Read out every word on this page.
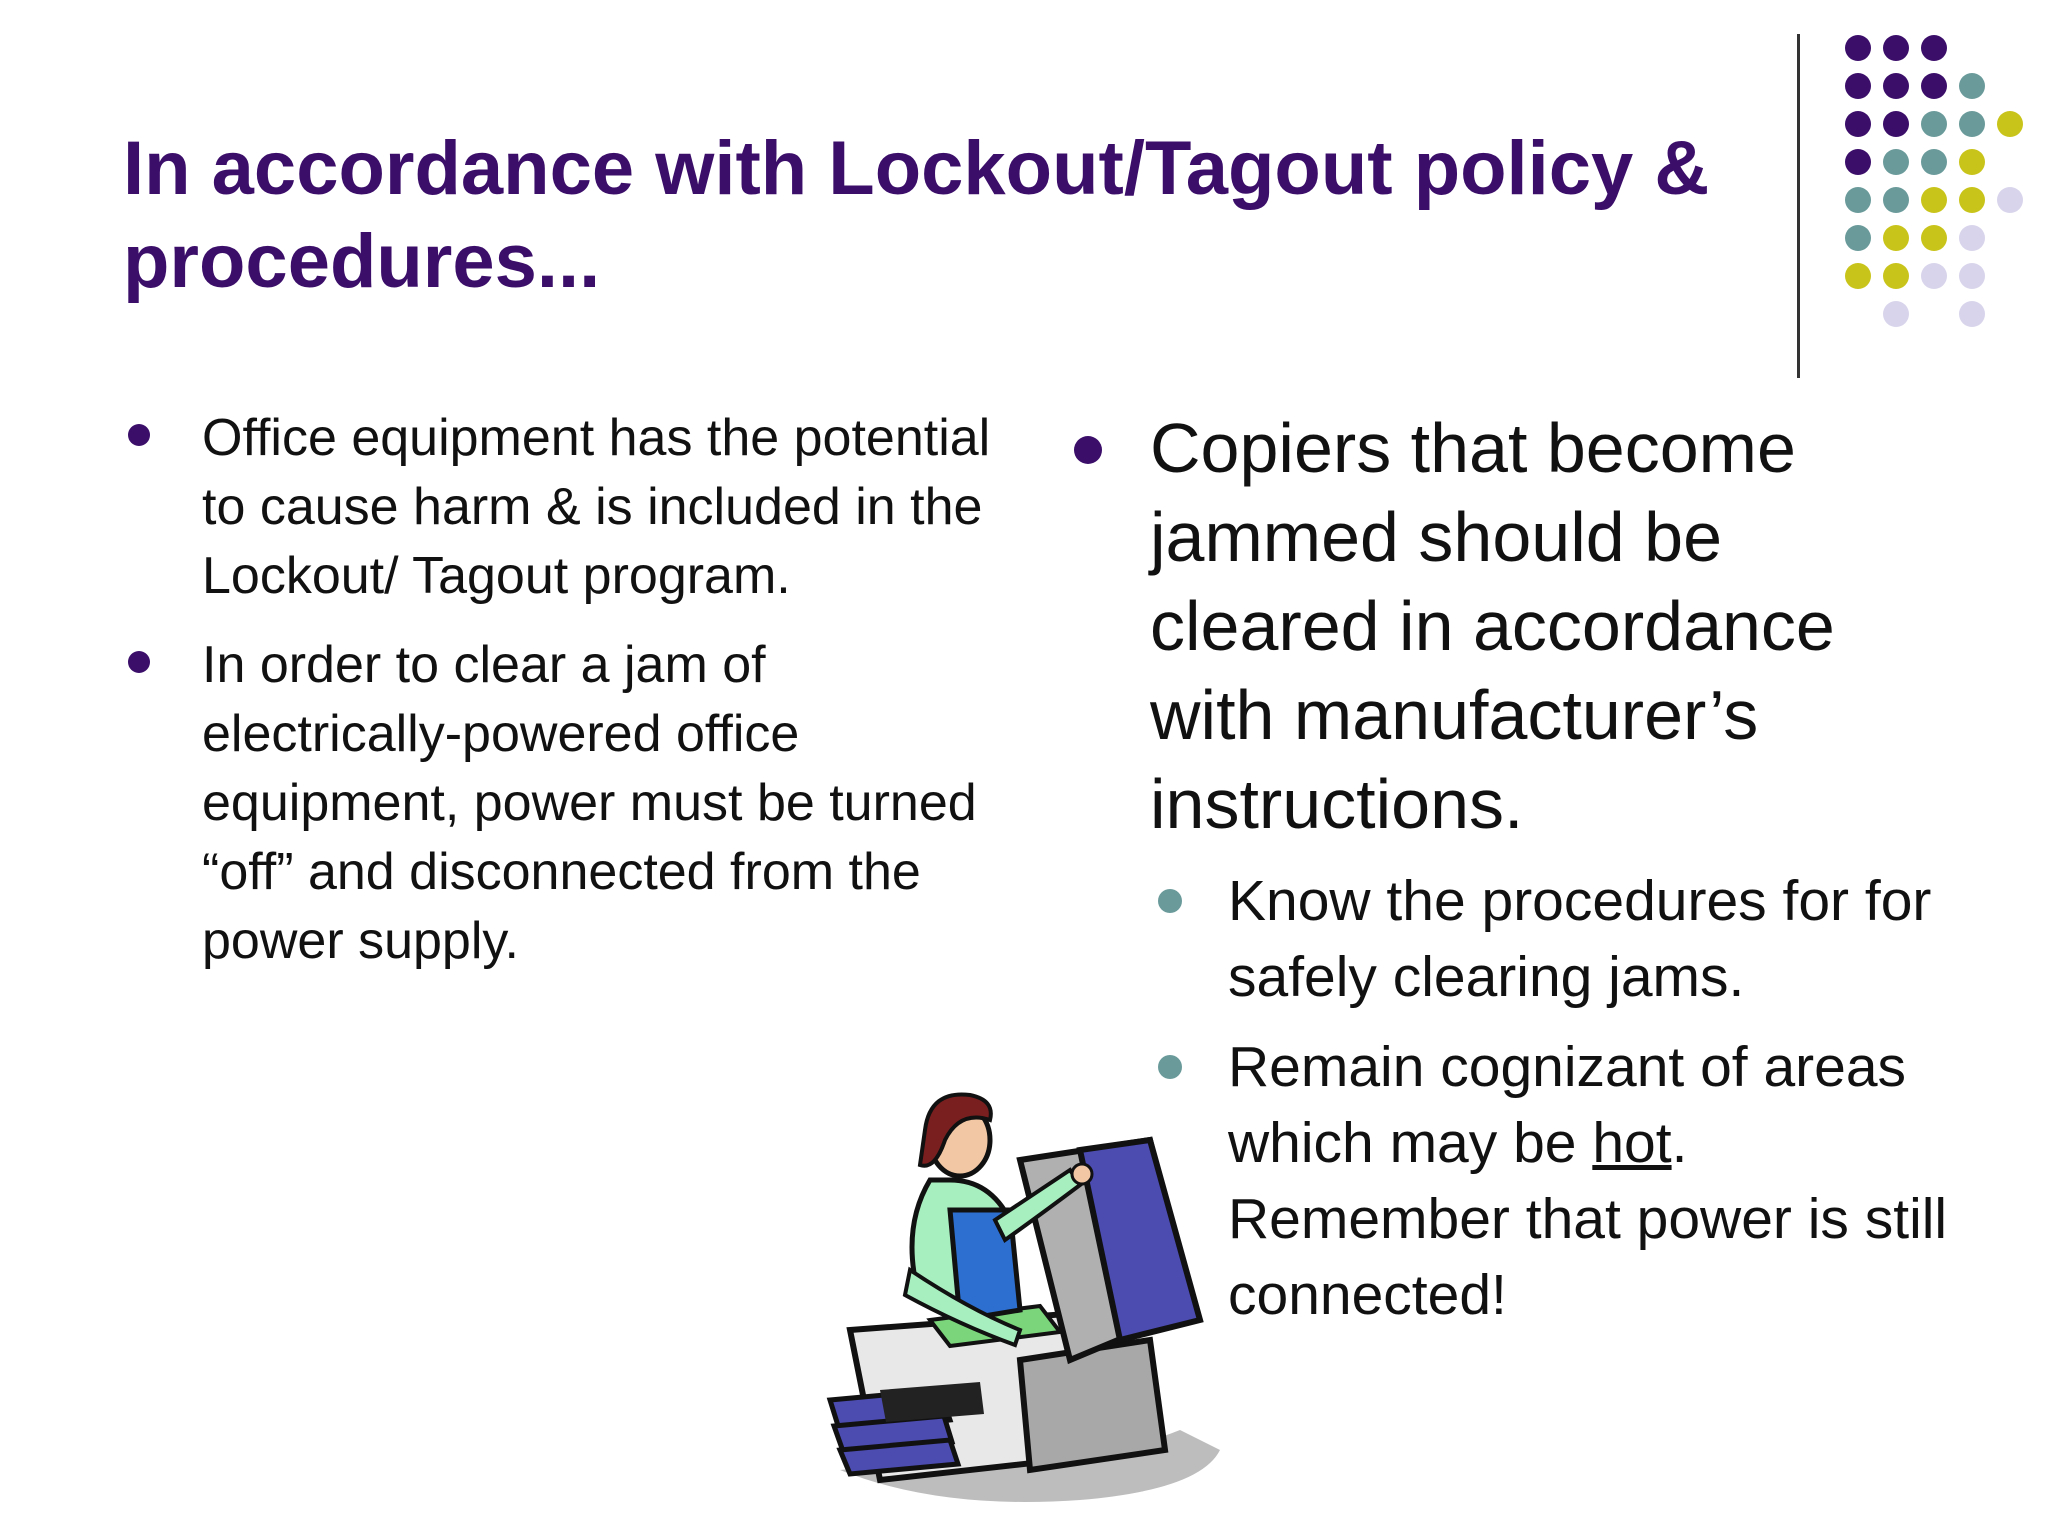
In accordance with Lockout/Tagout policy & procedures...
Office equipment has the potential to cause harm & is included in the Lockout/ Tagout program.
In order to clear a jam of electrically-powered office equipment, power must be turned “off” and disconnected from the power supply.
Copiers that become jammed should be cleared in accordance with manufacturer’s instructions.
Know the procedures for for safely clearing jams.
Remain cognizant of areas which may be hot.
Remember that power is still connected!
